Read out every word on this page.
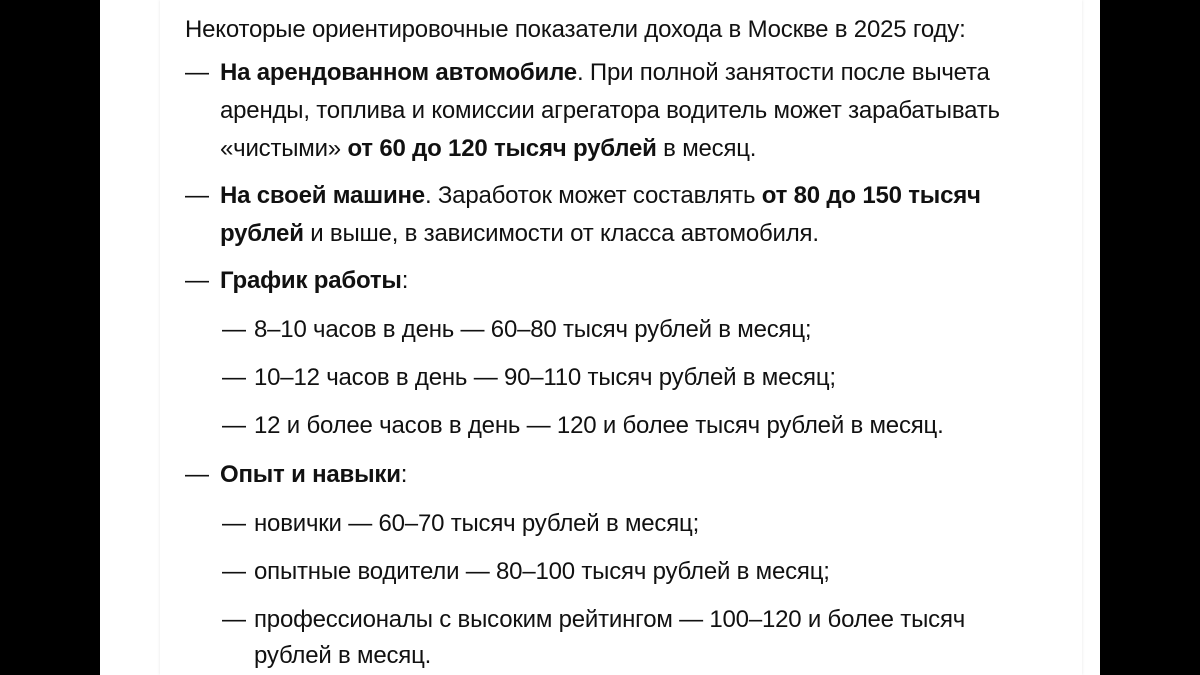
Некоторые ориентировочные показатели дохода в Москве в 2025 году:
— На арендованном автомобиле. При полной занятости после вычета аренды, топлива и комиссии агрегатора водитель может зарабатывать «чистыми» от 60 до 120 тысяч рублей в месяц.
— На своей машине. Заработок может составлять от 80 до 150 тысяч рублей и выше, в зависимости от класса автомобиля.
— График работы:
— 8–10 часов в день — 60–80 тысяч рублей в месяц;
— 10–12 часов в день — 90–110 тысяч рублей в месяц;
— 12 и более часов в день — 120 и более тысяч рублей в месяц.
— Опыт и навыки:
— новички — 60–70 тысяч рублей в месяц;
— опытные водители — 80–100 тысяч рублей в месяц;
— профессионалы с высоким рейтингом — 100–120 и более тысяч рублей в месяц.
